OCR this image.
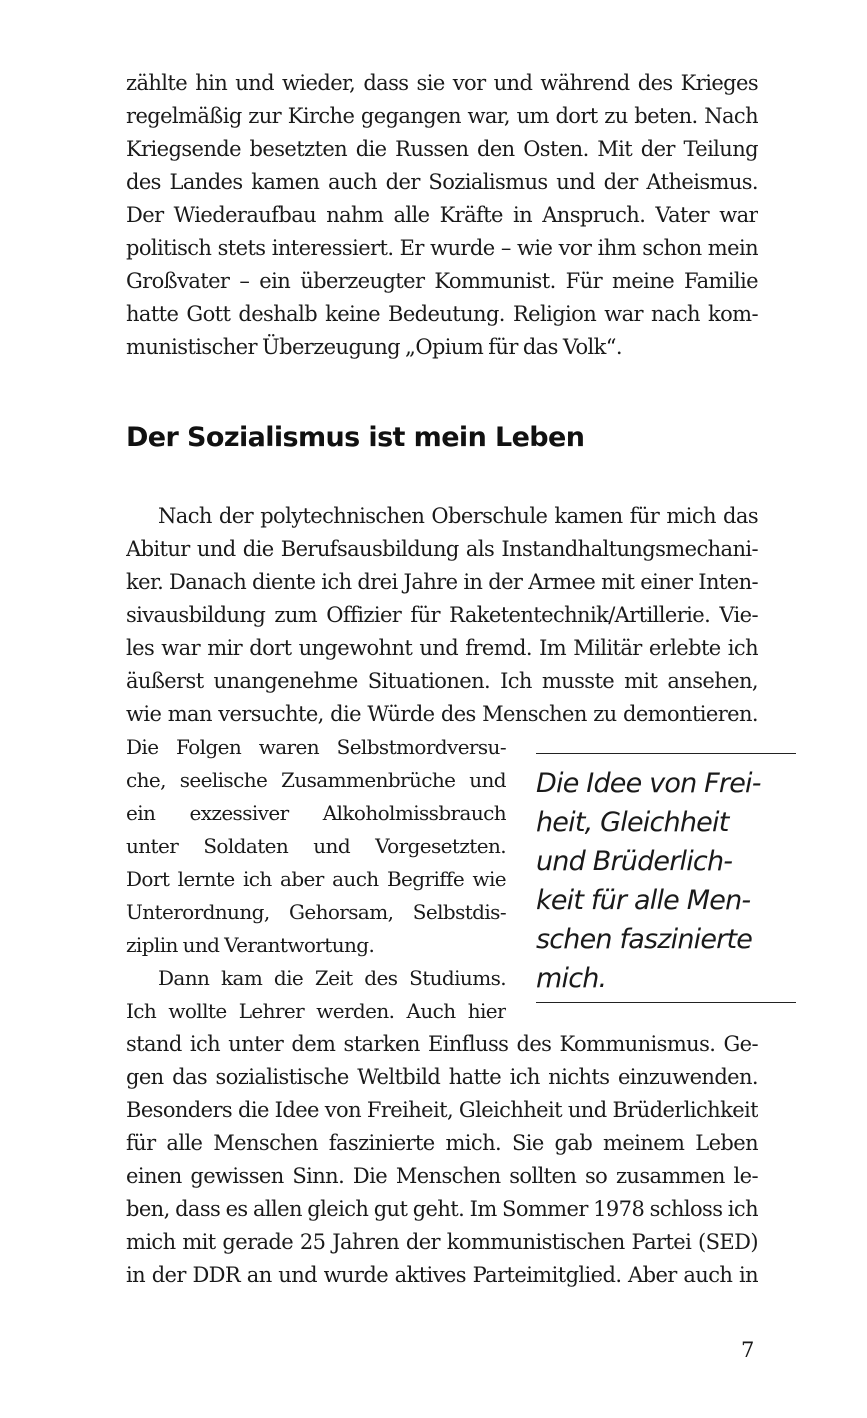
zählte hin und wieder, dass sie vor und während des Krieges
regelmäßig zur Kirche gegangen war, um dort zu beten. Nach
Kriegsende besetzten die Russen den Osten. Mit der Teilung
des Landes kamen auch der Sozialismus und der Atheismus.
Der Wiederaufbau nahm alle Kräfte in Anspruch. Vater war
politisch stets interessiert. Er wurde – wie vor ihm schon mein
Großvater – ein überzeugter Kommunist. Für meine Familie
hatte Gott deshalb keine Bedeutung. Religion war nach kom-
munistischer Überzeugung „Opium für das Volk“.
Der Sozialismus ist mein Leben
Nach der polytechnischen Oberschule kamen für mich das
Abitur und die Berufsausbildung als Instandhaltungsmechani-
ker. Danach diente ich drei Jahre in der Armee mit einer Inten-
sivausbildung zum Offizier für Raketentechnik/Artillerie. Vie-
les war mir dort ungewohnt und fremd. Im Militär erlebte ich
äußerst unangenehme Situationen. Ich musste mit ansehen,
wie man versuchte, die Würde des Menschen zu demontieren.
Die Folgen waren Selbstmordversu-
che, seelische Zusammenbrüche und
ein exzessiver Alkoholmissbrauch
unter Soldaten und Vorgesetzten.
Dort lernte ich aber auch Begriffe wie
Unterordnung, Gehorsam, Selbstdis-
ziplin und Verantwortung.
Dann kam die Zeit des Studiums.
Ich wollte Lehrer werden. Auch hier
stand ich unter dem starken Einfluss des Kommunismus. Ge-
gen das sozialistische Weltbild hatte ich nichts einzuwenden.
Besonders die Idee von Freiheit, Gleichheit und Brüderlichkeit
für alle Menschen faszinierte mich. Sie gab meinem Leben
einen gewissen Sinn. Die Menschen sollten so zusammen le-
ben, dass es allen gleich gut geht. Im Sommer 1978 schloss ich
mich mit gerade 25 Jahren der kommunistischen Partei (SED)
in der DDR an und wurde aktives Parteimitglied. Aber auch in
Die Idee von Frei-
heit, Gleichheit
und Brüderlich-
keit für alle Men-
schen faszinierte
mich.
7
